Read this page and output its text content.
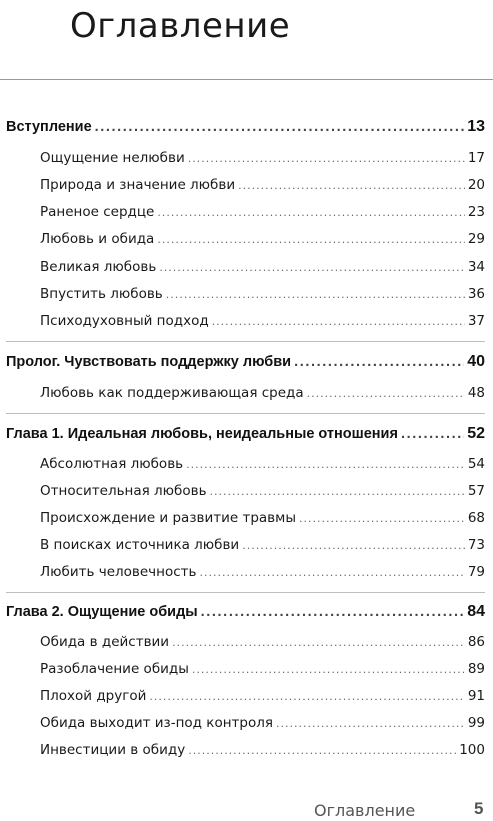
Оглавление
Вступление .....	13
Ощущение нелюбви .....	17
Природа и значение любви .....	20
Раненое сердце .....	23
Любовь и обида .....	29
Великая любовь .....	34
Впустить любовь .....	36
Психодуховный подход .....	37
Пролог. Чувствовать поддержку любви .....	40
Любовь как поддерживающая среда .....	48
Глава 1. Идеальная любовь, неидеальные отношения .....	52
Абсолютная любовь .....	54
Относительная любовь .....	57
Происхождение и развитие травмы .....	68
В поисках источника любви .....	73
Любить человечность .....	79
Глава 2. Ощущение обиды .....	84
Обида в действии .....	86
Разоблачение обиды .....	89
Плохой другой .....	91
Обида выходит из-под контроля .....	99
Инвестиции в обиду .....	100
Оглавление	5
